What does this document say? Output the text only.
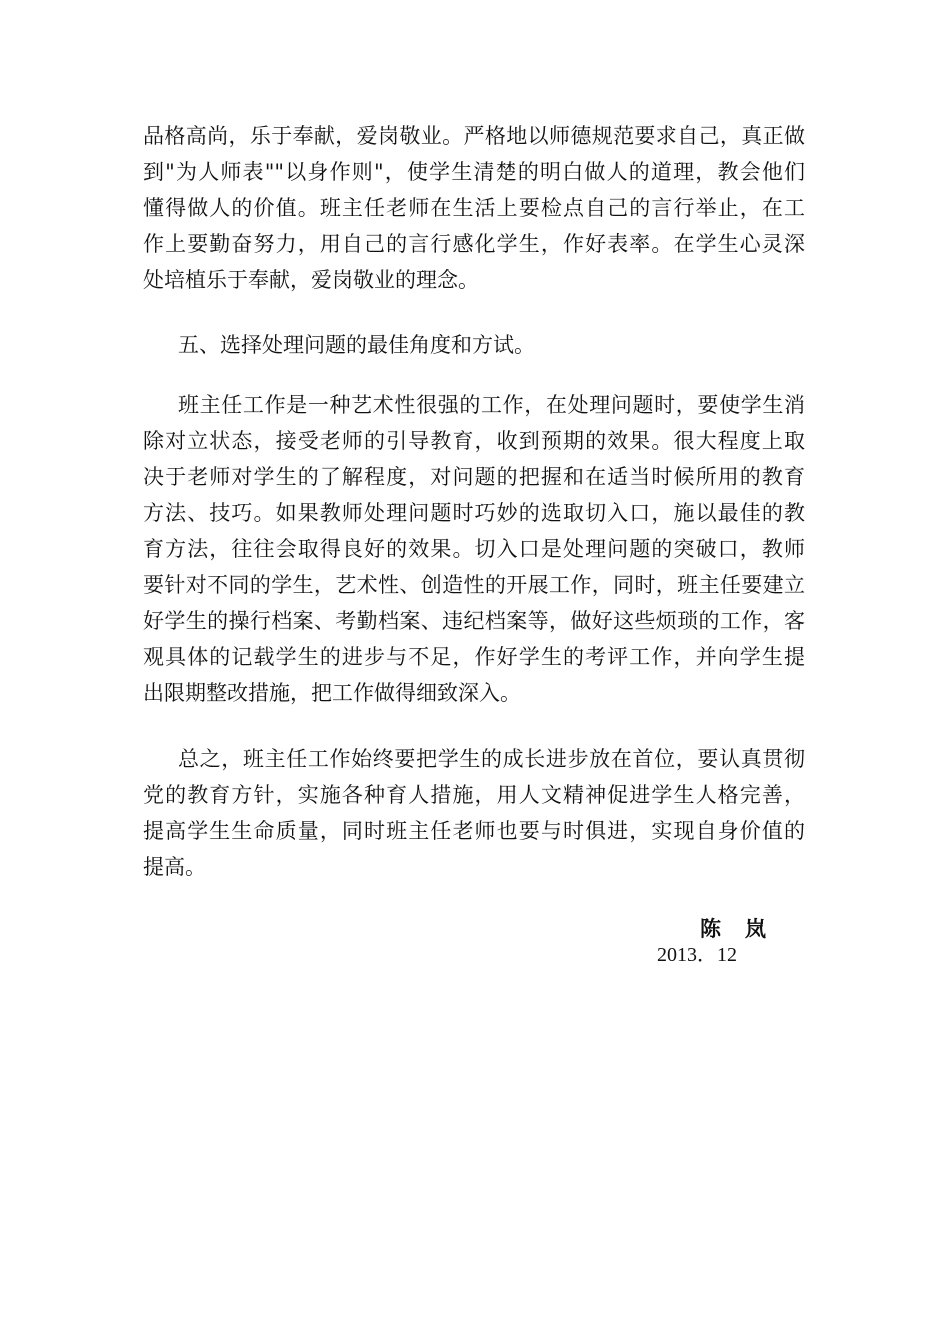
品格高尚，乐于奉献，爱岗敬业。严格地以师德规范要求自己，真正做

到"为人师表""以身作则"，使学生清楚的明白做人的道理，教会他们

懂得做人的价值。班主任老师在生活上要检点自己的言行举止，在工

作上要勤奋努力，用自己的言行感化学生，作好表率。在学生心灵深

处培植乐于奉献，爱岗敬业的理念。

五、选择处理问题的最佳角度和方试。

班主任工作是一种艺术性很强的工作，在处理问题时，要使学生消

除对立状态，接受老师的引导教育，收到预期的效果。很大程度上取

决于老师对学生的了解程度，对问题的把握和在适当时候所用的教育

方法、技巧。如果教师处理问题时巧妙的选取切入口，施以最佳的教

育方法，往往会取得良好的效果。切入口是处理问题的突破口，教师

要针对不同的学生，艺术性、创造性的开展工作，同时，班主任要建立

好学生的操行档案、考勤档案、违纪档案等，做好这些烦琐的工作，客

观具体的记载学生的进步与不足，作好学生的考评工作，并向学生提

出限期整改措施，把工作做得细致深入。

总之，班主任工作始终要把学生的成长进步放在首位，要认真贯彻

党的教育方针，实施各种育人措施，用人文精神促进学生人格完善，

提高学生生命质量，同时班主任老师也要与时俱进，实现自身价值的

提高。

陈岚
2013．12
